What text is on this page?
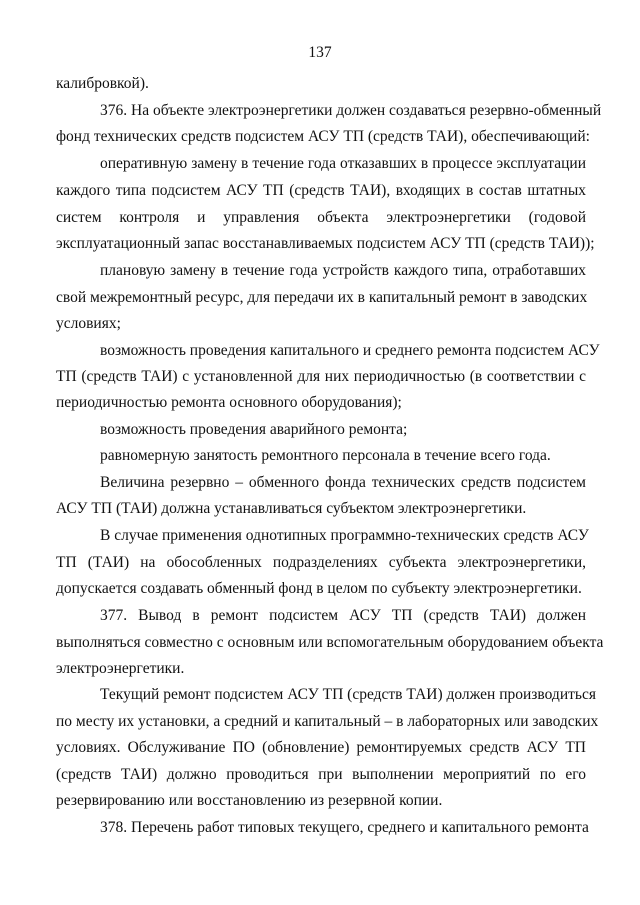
137
калибровкой).
376. На объекте электроэнергетики должен создаваться резервно-обменный
фонд технических средств подсистем АСУ ТП (средств ТАИ), обеспечивающий:
оперативную замену в течение года отказавших в процессе эксплуатации
каждого типа подсистем АСУ ТП (средств ТАИ), входящих в состав штатных
систем контроля и управления объекта электроэнергетики (годовой
эксплуатационный запас восстанавливаемых подсистем АСУ ТП (средств ТАИ));
плановую замену в течение года устройств каждого типа, отработавших
свой межремонтный ресурс, для передачи их в капитальный ремонт в заводских
условиях;
возможность проведения капитального и среднего ремонта подсистем АСУ
ТП (средств ТАИ) с установленной для них периодичностью (в соответствии с
периодичностью ремонта основного оборудования);
возможность проведения аварийного ремонта;
равномерную занятость ремонтного персонала в течение всего года.
Величина резервно – обменного фонда технических средств подсистем
АСУ ТП (ТАИ) должна устанавливаться субъектом электроэнергетики.
В случае применения однотипных программно-технических средств АСУ
ТП (ТАИ) на обособленных подразделениях субъекта электроэнергетики,
допускается создавать обменный фонд в целом по субъекту электроэнергетики.
377. Вывод в ремонт подсистем АСУ ТП (средств ТАИ) должен
выполняться совместно с основным или вспомогательным оборудованием объекта
электроэнергетики.
Текущий ремонт подсистем АСУ ТП (средств ТАИ) должен производиться
по месту их установки, а средний и капитальный – в лабораторных или заводских
условиях. Обслуживание ПО (обновление) ремонтируемых средств АСУ ТП
(средств ТАИ) должно проводиться при выполнении мероприятий по его
резервированию или восстановлению из резервной копии.
378. Перечень работ типовых текущего, среднего и капитального ремонта
